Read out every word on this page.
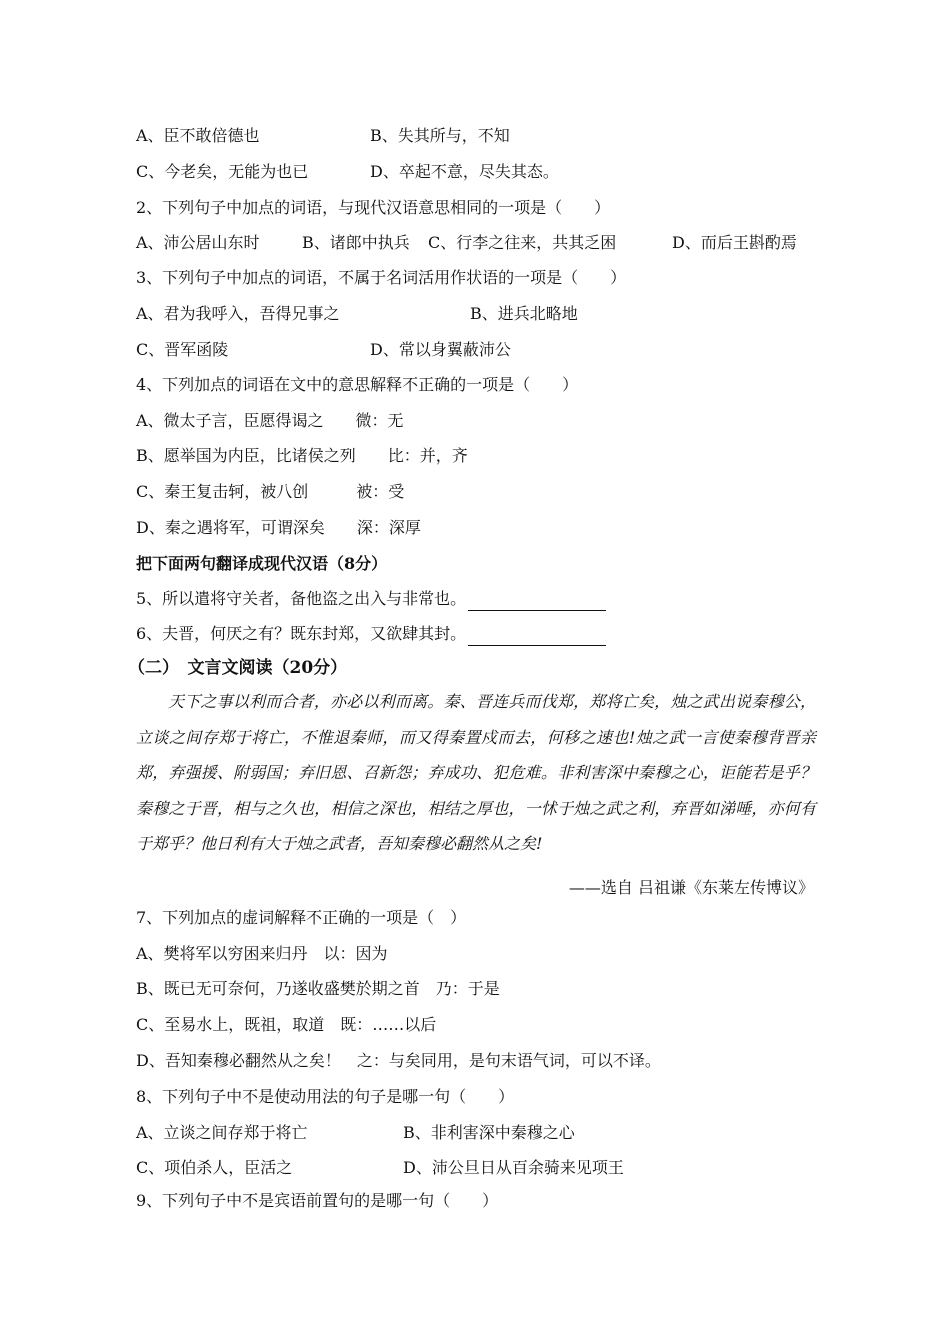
A、臣不敢倍德也	B、失其所与，不知
C、今老矣，无能为也已	D、卒起不意，尽失其态。
2、下列句子中加点的词语，与现代汉语意思相同的一项是（　　）
A、沛公居山东时	B、诸郎中执兵 C、行李之往来，共其乏困	D、而后王斟酌焉
3、下列句子中加点的词语，不属于名词活用作状语的一项是（　　）
A、君为我呼入，吾得兄事之	B、进兵北略地
C、晋军函陵	D、常以身翼蔽沛公
4、下列加点的词语在文中的意思解释不正确的一项是（　　）
A、微太子言，臣愿得谒之　　微：无
B、愿举国为内臣，比诸侯之列　　比：并，齐
C、秦王复击轲，被八创　　　被：受
D、秦之遇将军，可谓深矣　　深：深厚
把下面两句翻译成现代汉语（8分）
5、所以遣将守关者，备他盗之出入与非常也。
6、夫晋，何厌之有？既东封郑，又欲肆其封。
（二）　文言文阅读（20分）
天下之事以利而合者，亦必以利而离。秦、晋连兵而伐郑，郑将亡矣，烛之武出说秦穆公，立谈之间存郑于将亡，不惟退秦师，而又得秦置戍而去，何移之速也!烛之武一言使秦穆背晋亲郑，弃强援、附弱国；弃旧恩、召新怨；弃成功、犯危难。非利害深中秦穆之心，讵能若是乎？秦穆之于晋，相与之久也，相信之深也，相结之厚也，一怵于烛之武之利，弃晋如涕唾，亦何有于郑乎？他日利有大于烛之武者，吾知秦穆必翻然从之矣!
——选自 吕祖谦《东莱左传博议》
7、下列加点的虚词解释不正确的一项是（　）
A、樊将军以穷困来归丹　以：因为
B、既已无可奈何，乃遂收盛樊於期之首　乃：于是
C、至易水上，既祖，取道　既：……以后
D、吾知秦穆必翻然从之矣！　之：与矣同用，是句末语气词，可以不译。
8、下列句子中不是使动用法的句子是哪一句（　　）
A、立谈之间存郑于将亡	B、非利害深中秦穆之心
C、项伯杀人，臣活之	D、沛公旦日从百余骑来见项王
9、下列句子中不是宾语前置句的是哪一句（　　）
